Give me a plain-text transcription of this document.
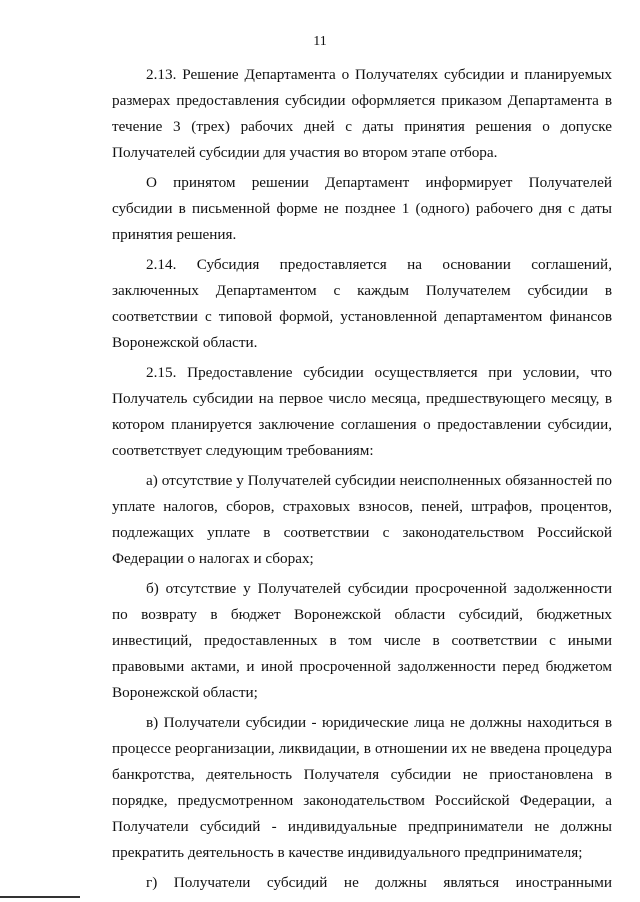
11

2.13. Решение Департамента о Получателях субсидии и планируемых размерах предоставления субсидии оформляется приказом Департамента в течение 3 (трех) рабочих дней с даты принятия решения о допуске Получателей субсидии для участия во втором этапе отбора.

О принятом решении Департамент информирует Получателей субсидии в письменной форме не позднее 1 (одного) рабочего дня с даты принятия решения.

2.14. Субсидия предоставляется на основании соглашений, заключенных Департаментом с каждым Получателем субсидии в соответствии с типовой формой, установленной департаментом финансов Воронежской области.

2.15. Предоставление субсидии осуществляется при условии, что Получатель субсидии на первое число месяца, предшествующего месяцу, в котором планируется заключение соглашения о предоставлении субсидии, соответствует следующим требованиям:

а) отсутствие у Получателей субсидии неисполненных обязанностей по уплате налогов, сборов, страховых взносов, пеней, штрафов, процентов, подлежащих уплате в соответствии с законодательством Российской Федерации о налогах и сборах;

б) отсутствие у Получателей субсидии просроченной задолженности по возврату в бюджет Воронежской области субсидий, бюджетных инвестиций, предоставленных в том числе в соответствии с иными правовыми актами, и иной просроченной задолженности перед бюджетом Воронежской области;

в) Получатели субсидии - юридические лица не должны находиться в процессе реорганизации, ликвидации, в отношении их не введена процедура банкротства, деятельность Получателя субсидии не приостановлена в порядке, предусмотренном законодательством Российской Федерации, а Получатели субсидий - индивидуальные предприниматели не должны прекратить деятельность в качестве индивидуального предпринимателя;

г) Получатели субсидий не должны являться иностранными
